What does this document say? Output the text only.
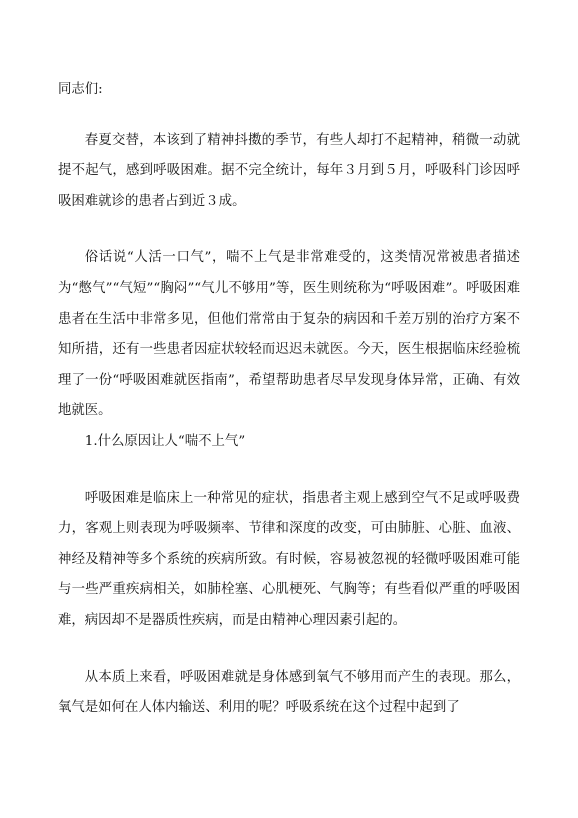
同志们:

春夏交替，本该到了精神抖擞的季节，有些人却打不起精神，稍微一动就提不起气，感到呼吸困难。据不完全统计，每年３月到５月，呼吸科门诊因呼吸困难就诊的患者占到近３成。

俗话说“人活一口气”，喘不上气是非常难受的，这类情况常被患者描述为“憋气”“气短”“胸闷”“气儿不够用”等，医生则统称为“呼吸困难”。呼吸困难患者在生活中非常多见，但他们常常由于复杂的病因和千差万别的治疗方案不知所措，还有一些患者因症状较轻而迟迟未就医。今天，医生根据临床经验梳理了一份“呼吸困难就医指南”，希望帮助患者尽早发现身体异常，正确、有效地就医。

1.什么原因让人“喘不上气”

呼吸困难是临床上一种常见的症状，指患者主观上感到空气不足或呼吸费力，客观上则表现为呼吸频率、节律和深度的改变，可由肺脏、心脏、血液、神经及精神等多个系统的疾病所致。有时候，容易被忽视的轻微呼吸困难可能与一些严重疾病相关，如肺栓塞、心肌梗死、气胸等；有些看似严重的呼吸困难，病因却不是器质性疾病，而是由精神心理因素引起的。

从本质上来看，呼吸困难就是身体感到氧气不够用而产生的表现。那么，氧气是如何在人体内输送、利用的呢？呼吸系统在这个过程中起到了
